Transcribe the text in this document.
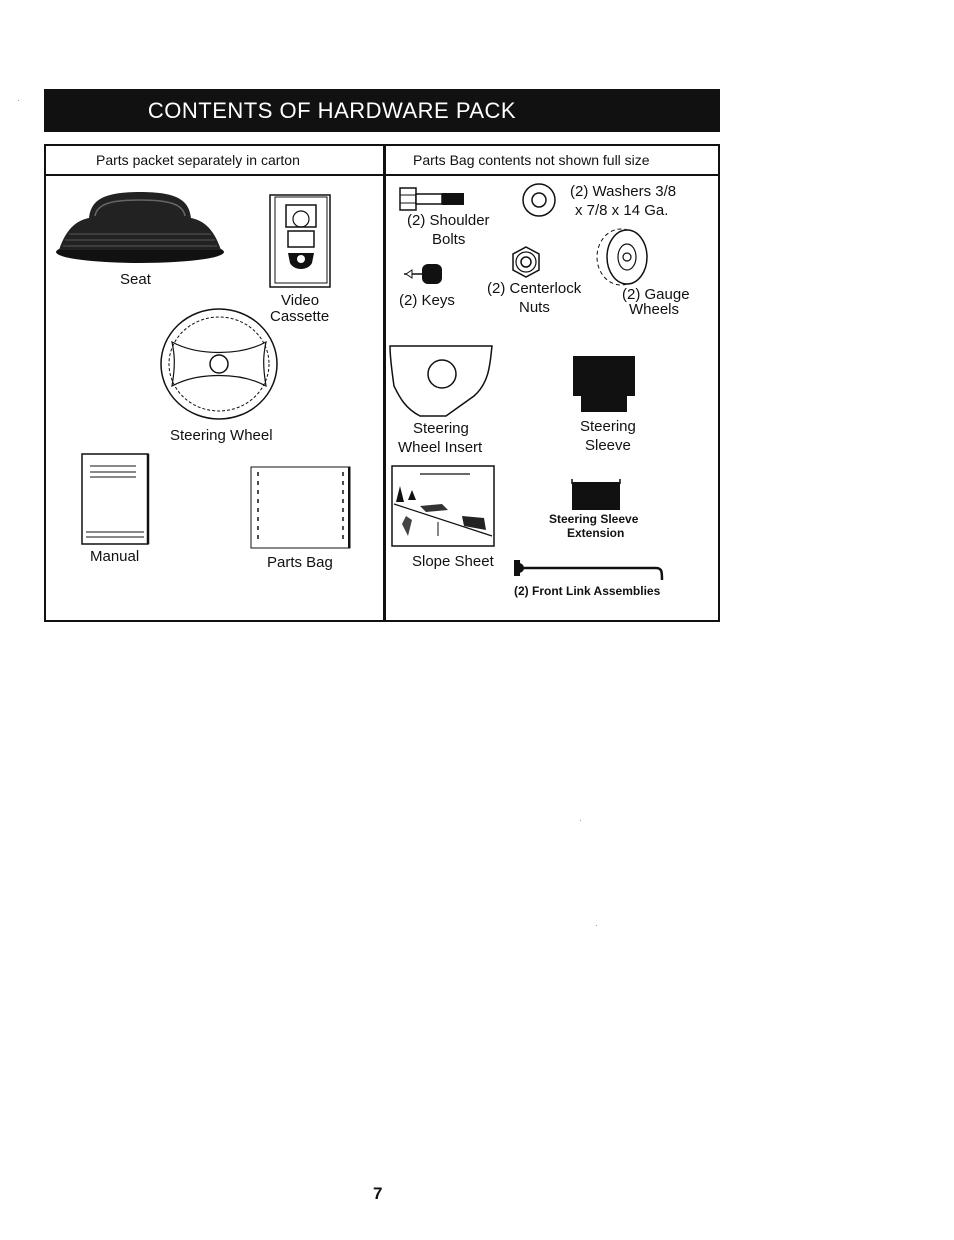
CONTENTS OF HARDWARE PACK
Parts packet separately in carton	Parts Bag contents not shown full size
Seat
Video
Cassette
Steering Wheel
Manual	Parts Bag
(2) Shoulder
Bolts
(2) Washers 3/8
x 7/8 x 14 Ga.
(2) Centerlock
Nuts
(2) Keys	(2) Gauge
Wheels
Steering
Wheel Insert
Steering
Sleeve
Slope Sheet
Steering Sleeve
Extension
(2) Front Link Assemblies
7
